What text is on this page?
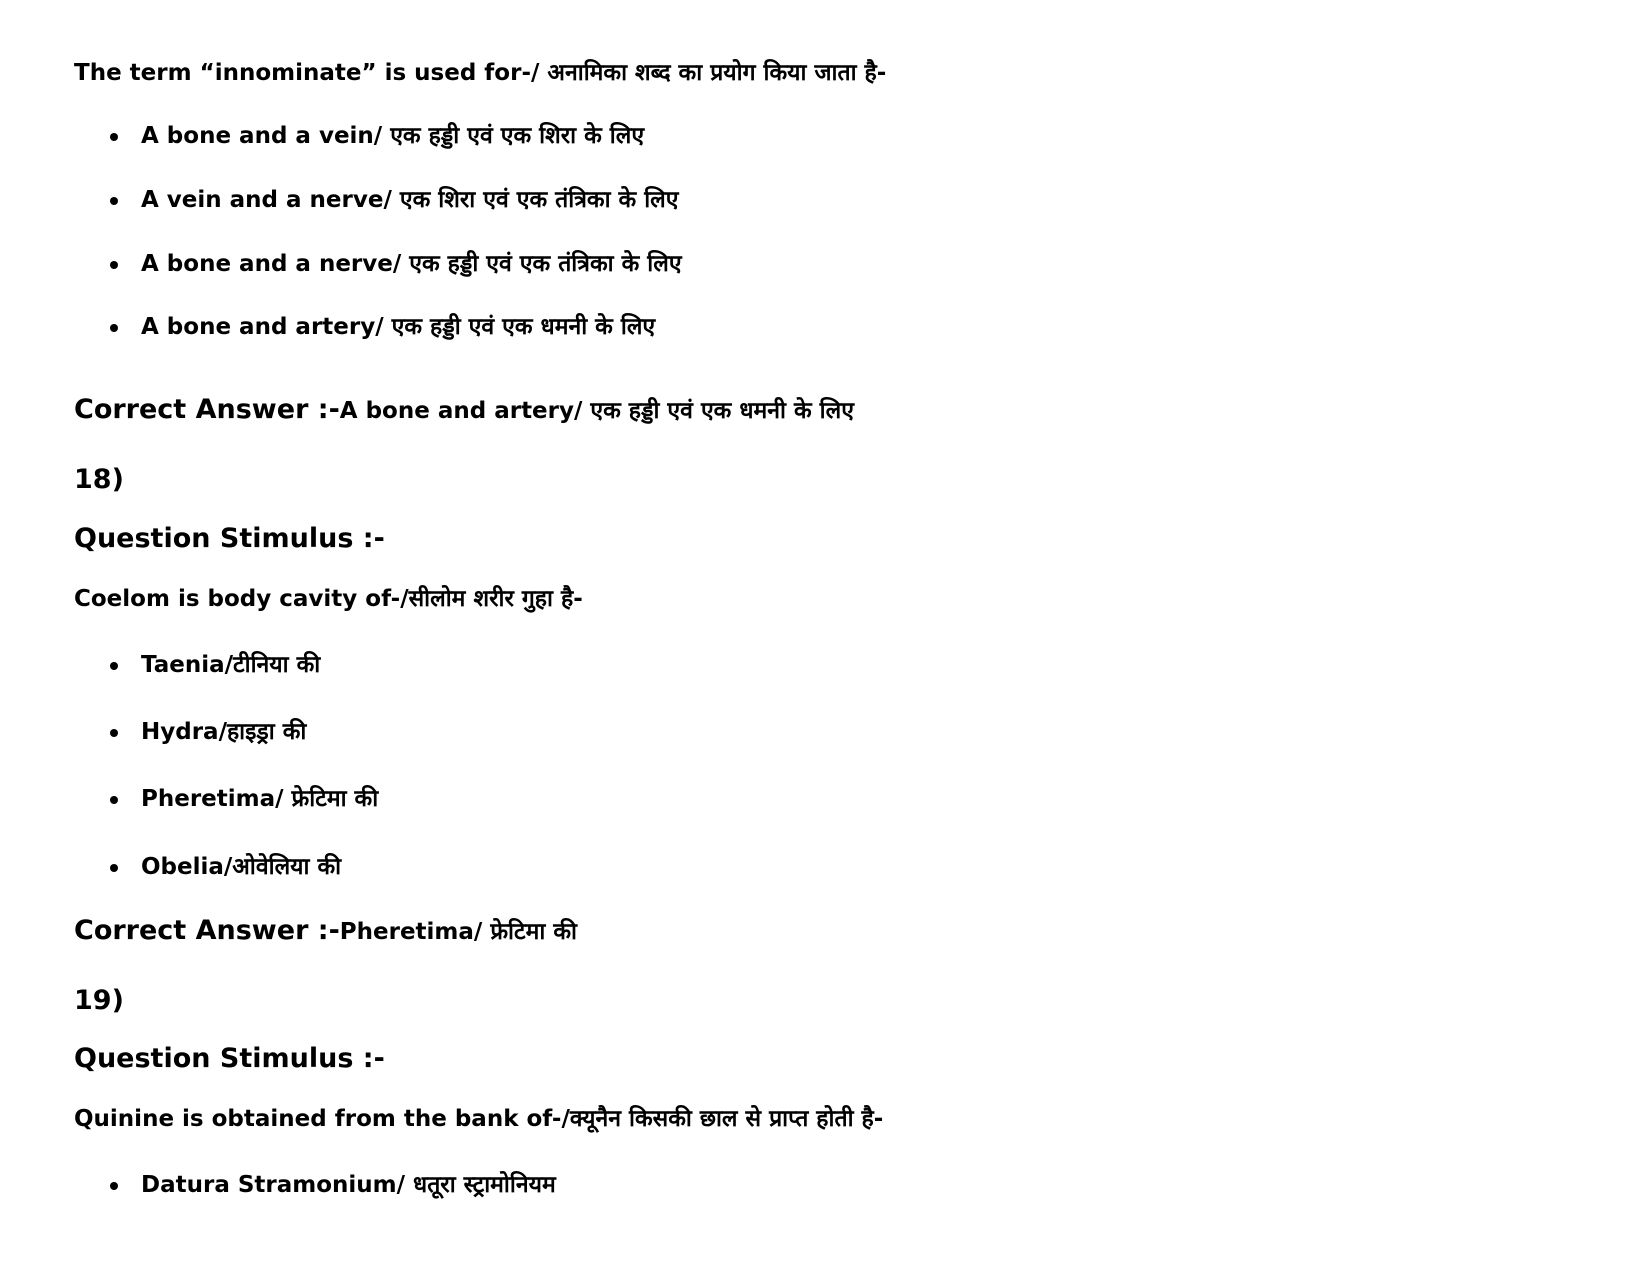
The term “innominate” is used for-/ अनामिका शब्द का प्रयोग किया जाता है-
A bone and a vein/ एक हड्डी एवं एक शिरा के लिए
A vein and a nerve/ एक शिरा एवं एक तंत्रिका के लिए
A bone and a nerve/ एक हड्डी एवं एक तंत्रिका के लिए
A bone and artery/ एक हड्डी एवं एक धमनी के लिए
Correct Answer :-A bone and artery/ एक हड्डी एवं एक धमनी के लिए
18)
Question Stimulus :-
Coelom is body cavity of-/सीलोम शरीर गुहा है-
Taenia/टीनिया की
Hydra/हाइड्रा की
Pheretima/ फ्रेटिमा की
Obelia/ओवेलिया की
Correct Answer :-Pheretima/ फ्रेटिमा की
19)
Question Stimulus :-
Quinine is obtained from the bank of-/क्यूनैन किसकी छाल से प्राप्त होती है-
Datura Stramonium/ धतूरा स्ट्रामोनियम
